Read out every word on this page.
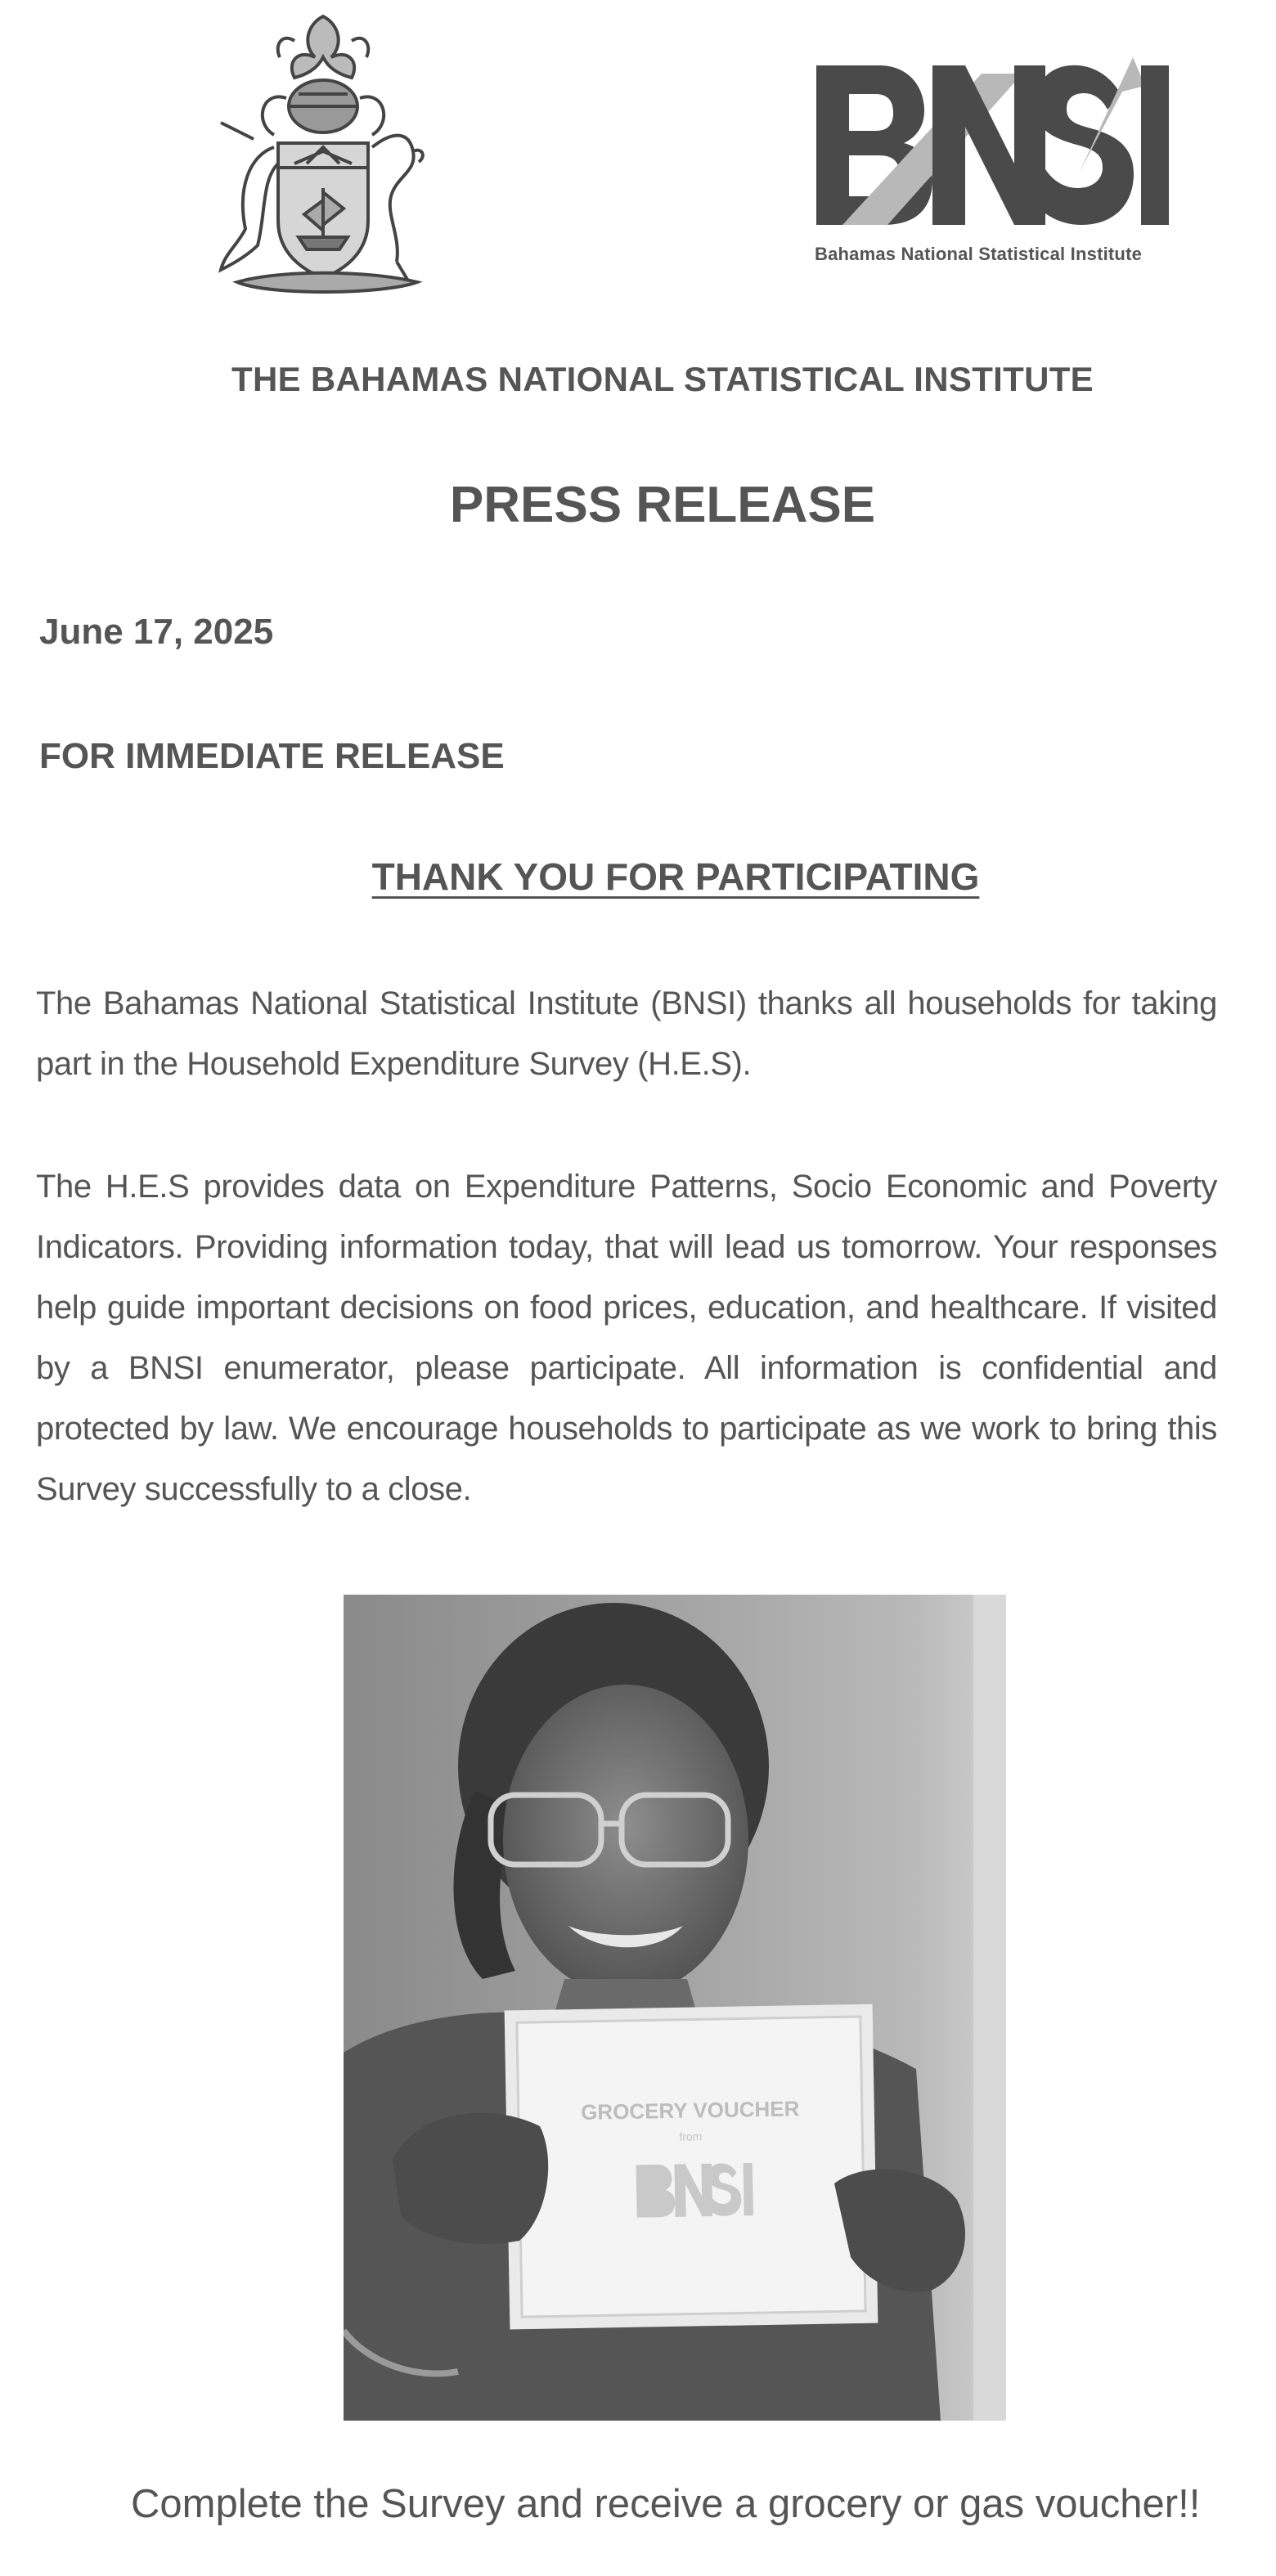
Bahamas National Statistical Institute
THE BAHAMAS NATIONAL STATISTICAL INSTITUTE
PRESS RELEASE
June 17, 2025
FOR IMMEDIATE RELEASE
THANK YOU FOR PARTICIPATING
The Bahamas National Statistical Institute (BNSI) thanks all households for taking part in the Household Expenditure Survey (H.E.S).
The H.E.S provides data on Expenditure Patterns, Socio Economic and Poverty Indicators. Providing information today, that will lead us tomorrow. Your responses help guide important decisions on food prices, education, and healthcare. If visited by a BNSI enumerator, please participate. All information is confidential and protected by law. We encourage households to participate as we work to bring this Survey successfully to a close.
GROCERY VOUCHER
from
Complete the Survey and receive a grocery or gas voucher!!
